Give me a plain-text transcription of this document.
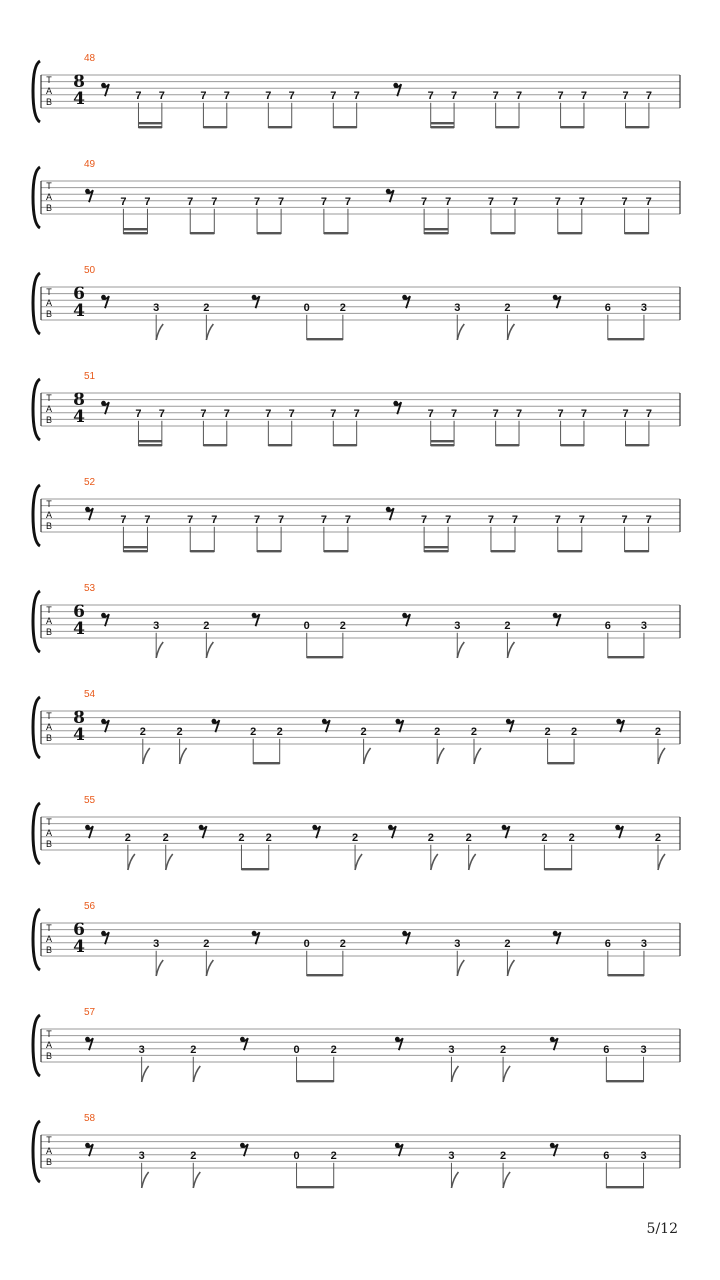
T
A
B
48
8
4	7 7	7 7	7 7	7 7	7 7	7 7	7 7	7 7
T
A
B
49
7 7	7 7	7 7	7 7	7 7	7 7	7 7	7 7
T
A
B
50
6
4	3	2	0	2	3	2	6	3
T
A
B
51
8
4	7 7	7 7	7 7	7 7	7 7	7 7	7 7	7 7
T
A
B
52
7 7	7 7	7 7	7 7	7 7	7 7	7 7	7 7
T
A
B
53
6
4	3	2	0	2	3	2	6	3
T
A
B
54
8
4	2	2	2 2	2	2	2	2 2	2
T
A
B
55
2	2	2 2	2	2	2	2 2	2
T
A
B
56
6
4	3	2	0	2	3	2	6	3
T
A
B
57
3	2	0	2	3	2	6	3
T
A
B
58
3	2	0	2	3	2	6	3
5/12
